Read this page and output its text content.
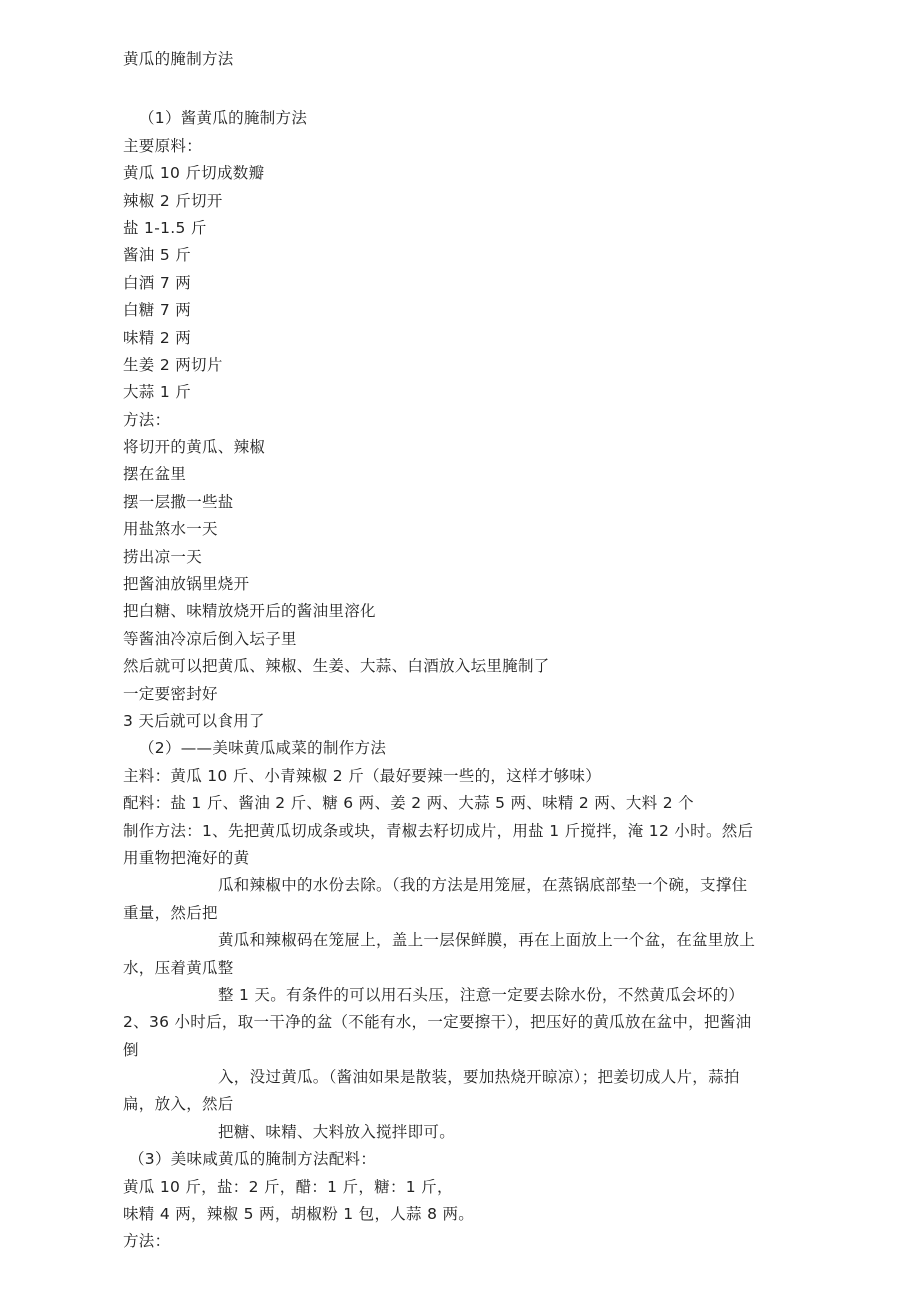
黄瓜的腌制方法
（1）酱黄瓜的腌制方法
主要原料：
黄瓜 10 斤切成数瓣
辣椒 2 斤切开
盐 1-1.5 斤
酱油 5 斤
白酒 7 两
白糖 7 两
味精 2 两
生姜 2 两切片
大蒜 1 斤
方法：
将切开的黄瓜、辣椒
摆在盆里
摆一层撒一些盐
用盐煞水一天
捞出凉一天
把酱油放锅里烧开
把白糖、味精放烧开后的酱油里溶化
等酱油冷凉后倒入坛子里
然后就可以把黄瓜、辣椒、生姜、大蒜、白酒放入坛里腌制了
一定要密封好
3 天后就可以食用了
（2）——美味黄瓜咸菜的制作方法
主料：黄瓜 10 斤、小青辣椒 2 斤（最好要辣一些的，这样才够味）
配料：盐 1 斤、酱油 2 斤、糖 6 两、姜 2 两、大蒜 5 两、味精 2 两、大料 2 个
制作方法：1、先把黄瓜切成条或块，青椒去籽切成片，用盐 1 斤搅拌，淹 12 小时。然后
用重物把淹好的黄
瓜和辣椒中的水份去除。（我的方法是用笼屉，在蒸锅底部垫一个碗，支撑住
重量，然后把
黄瓜和辣椒码在笼屉上，盖上一层保鲜膜，再在上面放上一个盆，在盆里放上
水，压着黄瓜整
整 1 天。有条件的可以用石头压，注意一定要去除水份，不然黄瓜会坏的）
2、36 小时后，取一干净的盆（不能有水，一定要擦干），把压好的黄瓜放在盆中，把酱油
倒
入，没过黄瓜。（酱油如果是散装，要加热烧开晾凉）；把姜切成人片，蒜拍
扁，放入，然后
把糖、味精、大料放入搅拌即可。
（3）美味咸黄瓜的腌制方法配料：
黄瓜 10 斤，盐：2 斤，醋：1 斤，糖：1 斤，
味精 4 两，辣椒 5 两，胡椒粉 1 包，人蒜 8 两。
方法：
